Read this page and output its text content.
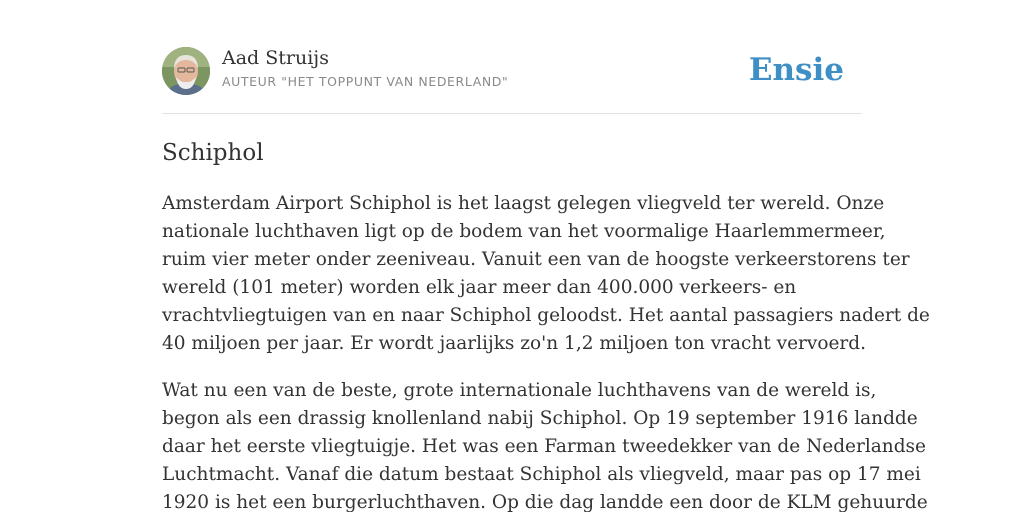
Aad Struijs
AUTEUR "HET TOPPUNT VAN NEDERLAND"	Ensie
Schiphol

Amsterdam Airport Schiphol is het laagst gelegen vliegveld ter wereld. Onze
nationale luchthaven ligt op de bodem van het voormalige Haarlemmermeer,
ruim vier meter onder zeeniveau. Vanuit een van de hoogste verkeerstorens ter
wereld (101 meter) worden elk jaar meer dan 400.000 verkeers- en
vrachtvliegtuigen van en naar Schiphol geloodst. Het aantal passagiers nadert de
40 miljoen per jaar. Er wordt jaarlijks zo'n 1,2 miljoen ton vracht vervoerd.

Wat nu een van de beste, grote internationale luchthavens van de wereld is,
begon als een drassig knollenland nabij Schiphol. Op 19 september 1916 landde
daar het eerste vliegtuigje. Het was een Farman tweedekker van de Nederlandse
Luchtmacht. Vanaf die datum bestaat Schiphol als vliegveld, maar pas op 17 mei
1920 is het een burgerluchthaven. Op die dag landde een door de KLM gehuurde
